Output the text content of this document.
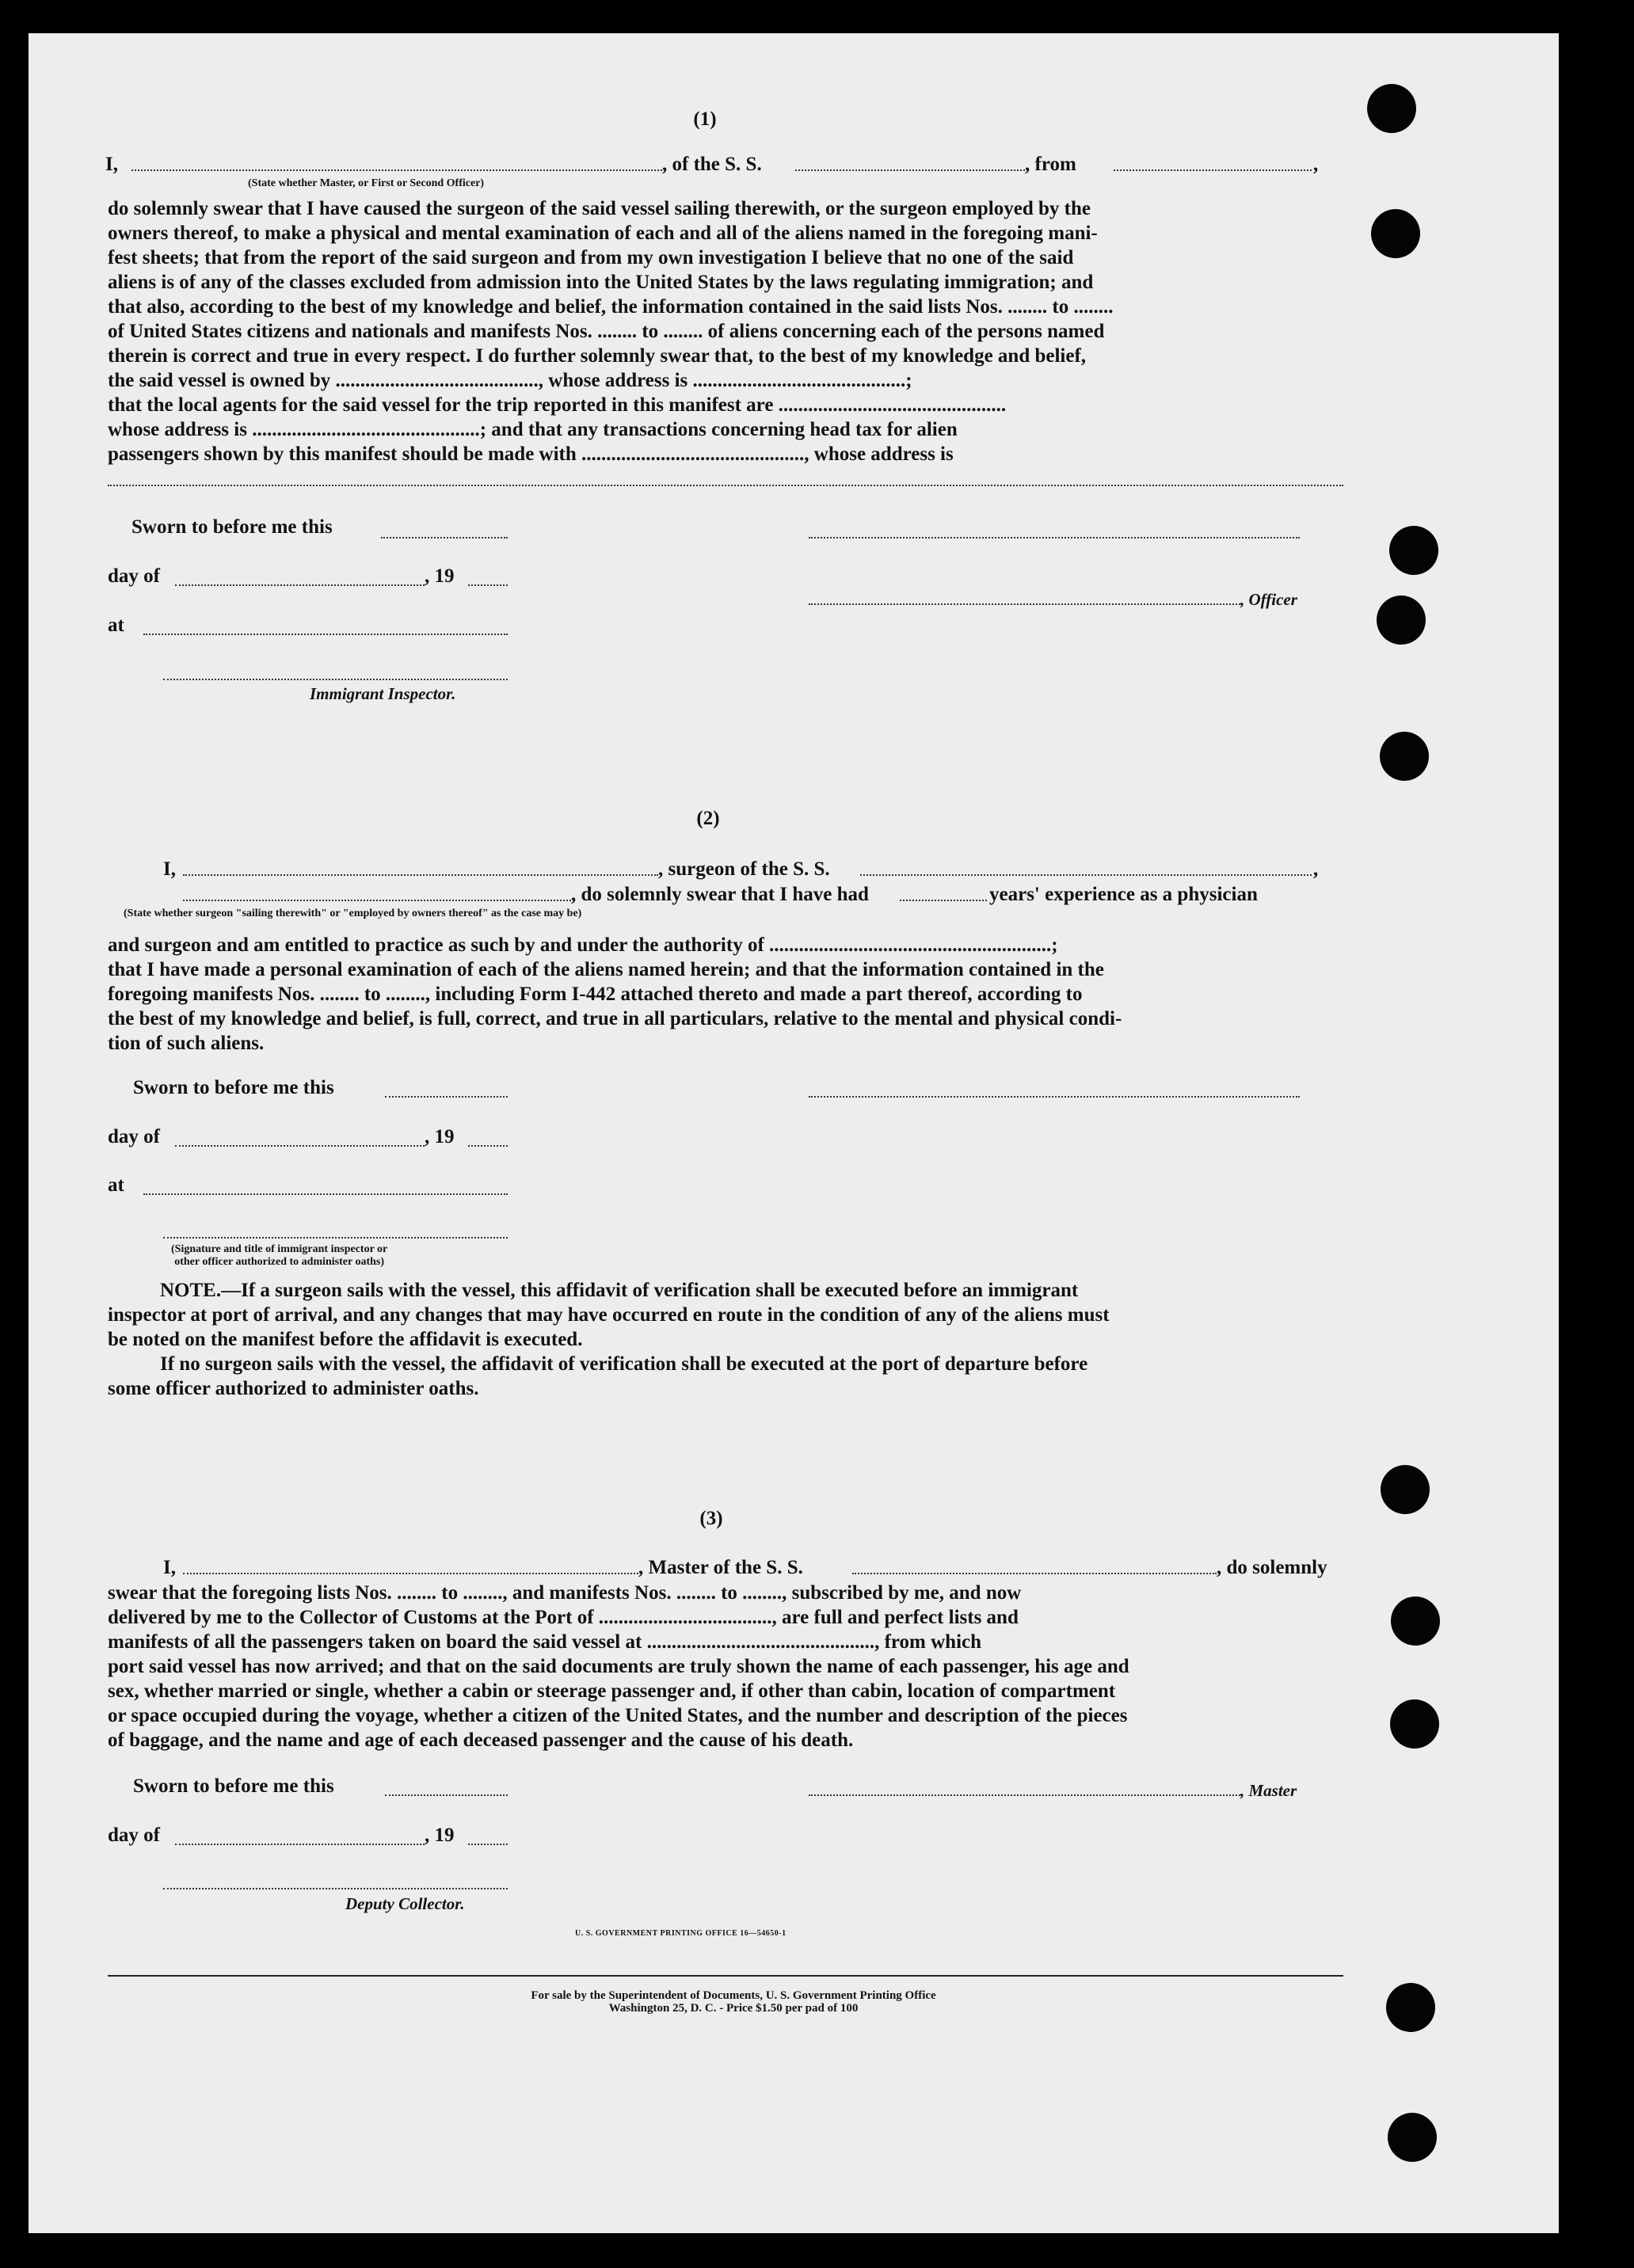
(1)
I,	, of the S. S.	, from	,
(State whether Master, or First or Second Officer)
do solemnly swear that I have caused the surgeon of the said vessel sailing therewith, or the surgeon employed by the
owners thereof, to make a physical and mental examination of each and all of the aliens named in the foregoing mani-
fest sheets; that from the report of the said surgeon and from my own investigation I believe that no one of the said
aliens is of any of the classes excluded from admission into the United States by the laws regulating immigration; and
that also, according to the best of my knowledge and belief, the information contained in the said lists Nos. ........ to ........
of United States citizens and nationals and manifests Nos. ........ to ........ of aliens concerning each of the persons named
therein is correct and true in every respect. I do further solemnly swear that, to the best of my knowledge and belief,
the said vessel is owned by ........................................., whose address is ...........................................;
that the local agents for the said vessel for the trip reported in this manifest are ..............................................
whose address is ..............................................; and that any transactions concerning head tax for alien
passengers shown by this manifest should be made with ............................................., whose address is
Sworn to before me this
day of	, 19
, Officer
at
Immigrant Inspector.
(2)
I,	, surgeon of the S. S.	,
, do solemnly swear that I have had	years' experience as a physician
(State whether surgeon "sailing therewith" or "employed by owners thereof" as the case may be)
and surgeon and am entitled to practice as such by and under the authority of .........................................................;
that I have made a personal examination of each of the aliens named herein; and that the information contained in the
foregoing manifests Nos. ........ to ........, including Form I-442 attached thereto and made a part thereof, according to
the best of my knowledge and belief, is full, correct, and true in all particulars, relative to the mental and physical condi-
tion of such aliens.
Sworn to before me this
day of	, 19
at
(Signature and title of immigrant inspector or
other officer authorized to administer oaths)
NOTE.—If a surgeon sails with the vessel, this affidavit of verification shall be executed before an immigrant
inspector at port of arrival, and any changes that may have occurred en route in the condition of any of the aliens must
be noted on the manifest before the affidavit is executed.
If no surgeon sails with the vessel, the affidavit of verification shall be executed at the port of departure before
some officer authorized to administer oaths.
(3)
I,	, Master of the S. S.	, do solemnly
swear that the foregoing lists Nos. ........ to ........, and manifests Nos. ........ to ........, subscribed by me, and now
delivered by me to the Collector of Customs at the Port of ..................................., are full and perfect lists and
manifests of all the passengers taken on board the said vessel at .............................................., from which
port said vessel has now arrived; and that on the said documents are truly shown the name of each passenger, his age and
sex, whether married or single, whether a cabin or steerage passenger and, if other than cabin, location of compartment
or space occupied during the voyage, whether a citizen of the United States, and the number and description of the pieces
of baggage, and the name and age of each deceased passenger and the cause of his death.
Sworn to before me this	, Master
day of	, 19
Deputy Collector.
U. S. GOVERNMENT PRINTING OFFICE 16—54650-1
For sale by the Superintendent of Documents, U. S. Government Printing Office
Washington 25, D. C. - Price $1.50 per pad of 100
